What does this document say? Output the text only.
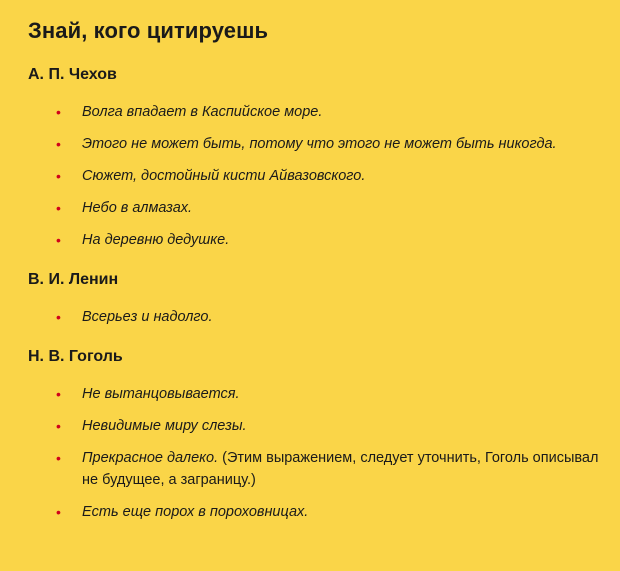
Знай, кого цитируешь
А. П. Чехов
• Волга впадает в Каспийское море.
• Этого не может быть, потому что этого не может быть никогда.
• Сюжет, достойный кисти Айвазовского.
• Небо в алмазах.
• На деревню дедушке.
В. И. Ленин
• Всерьез и надолго.
Н. В. Гоголь
• Не вытанцовывается.
• Невидимые миру слезы.
• Прекрасное далеко. (Этим выражением, следует уточнить, Гоголь описывал не будущее, а заграницу.)
• Есть еще порох в пороховницах.
